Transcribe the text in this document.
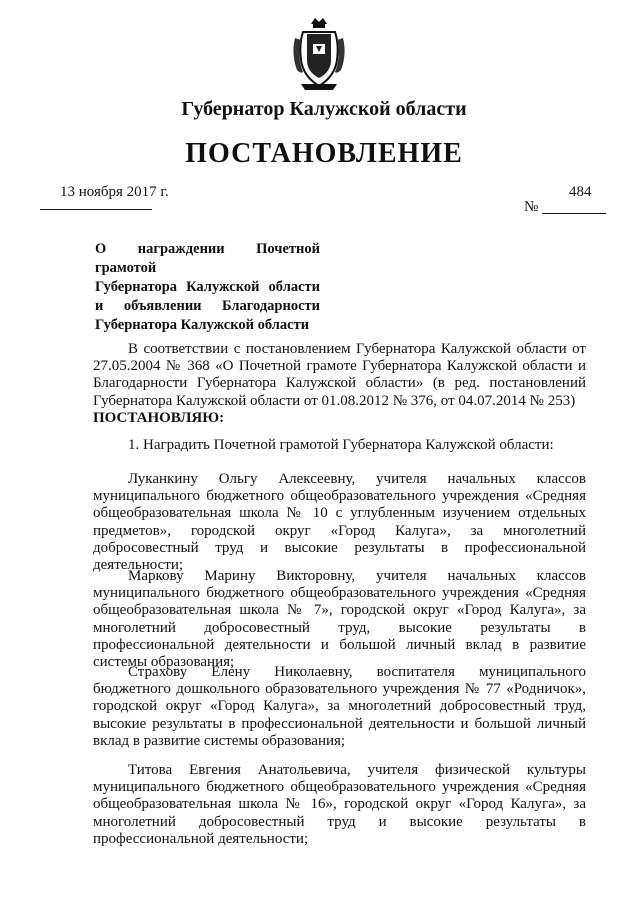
Губернатор Калужской области
ПОСТАНОВЛЕНИЕ
13 ноября 2017 г.	484
№
О награждении Почетной грамотой
Губернатора Калужской области
и объявлении Благодарности
Губернатора Калужской области

В соответствии с постановлением Губернатора Калужской области от 27.05.2004 № 368 «О Почетной грамоте Губернатора Калужской области и Благодарности Губернатора Калужской области» (в ред. постановлений Губернатора Калужской области от 01.08.2012 № 376, от 04.07.2014 № 253)

ПОСТАНОВЛЯЮ:

1. Наградить Почетной грамотой Губернатора Калужской области:

Луканкину Ольгу Алексеевну, учителя начальных классов муниципального бюджетного общеобразовательного учреждения «Средняя общеобразовательная школа № 10 с углубленным изучением отдельных предметов», городской округ «Город Калуга», за многолетний добросовестный труд и высокие результаты в профессиональной деятельности;

Маркову Марину Викторовну, учителя начальных классов муниципального бюджетного общеобразовательного учреждения «Средняя общеобразовательная школа № 7», городской округ «Город Калуга», за многолетний добросовестный труд, высокие результаты в профессиональной деятельности и большой личный вклад в развитие системы образования;

Страхову Елену Николаевну, воспитателя муниципального бюджетного дошкольного образовательного учреждения № 77 «Родничок», городской округ «Город Калуга», за многолетний добросовестный труд, высокие результаты в профессиональной деятельности и большой личный вклад в развитие системы образования;

Титова Евгения Анатольевича, учителя физической культуры муниципального бюджетного общеобразовательного учреждения «Средняя общеобразовательная школа № 16», городской округ «Город Калуга», за многолетний добросовестный труд и высокие результаты в профессиональной деятельности;
